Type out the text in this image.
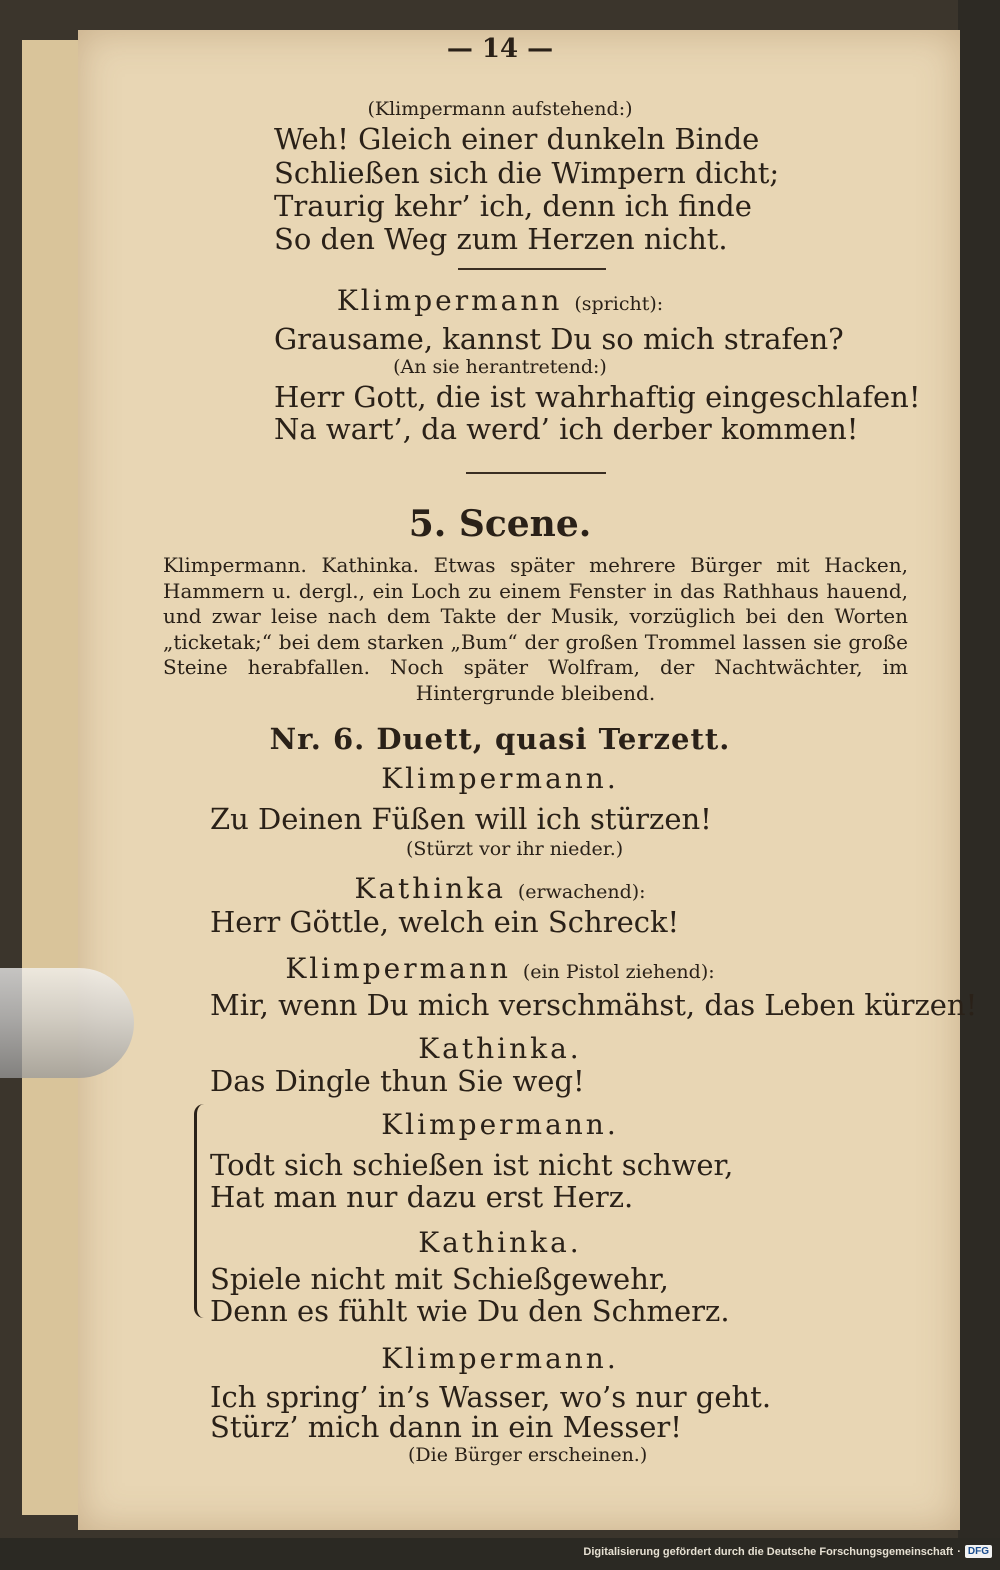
— 14 —
(Klimpermann aufstehend:)
Weh! Gleich einer dunkeln Binde
Schließen sich die Wimpern dicht;
Traurig kehr’ ich, denn ich finde
So den Weg zum Herzen nicht.
Klimpermann (spricht):
Grausame, kannst Du so mich strafen?
(An sie herantretend:)
Herr Gott, die ist wahrhaftig eingeschlafen!
Na wart’, da werd’ ich derber kommen!
5. Scene.
Klimpermann. Kathinka. Etwas später mehrere Bürger mit Hacken, Hammern u. dergl., ein Loch zu einem Fenster in das Rathhaus hauend, und zwar leise nach dem Takte der Musik, vorzüglich bei den Worten „ticketak;“ bei dem starken „Bum“ der großen Trommel lassen sie große Steine herabfallen. Noch später Wolfram, der Nachtwächter, im Hintergrunde bleibend.
Nr. 6. Duett, quasi Terzett.
Klimpermann.
Zu Deinen Füßen will ich stürzen!
(Stürzt vor ihr nieder.)
Kathinka (erwachend):
Herr Göttle, welch ein Schreck!
Klimpermann (ein Pistol ziehend):
Mir, wenn Du mich verschmähst, das Leben kürzen!
Kathinka.
Das Dingle thun Sie weg!
Klimpermann.
Todt sich schießen ist nicht schwer,
Hat man nur dazu erst Herz.
Kathinka.
Spiele nicht mit Schießgewehr,
Denn es fühlt wie Du den Schmerz.
Klimpermann.
Ich spring’ in’s Wasser, wo’s nur geht.
Stürz’ mich dann in ein Messer!
(Die Bürger erscheinen.)
Digitalisierung gefördert durch die Deutsche Forschungsgemeinschaft · DFG
